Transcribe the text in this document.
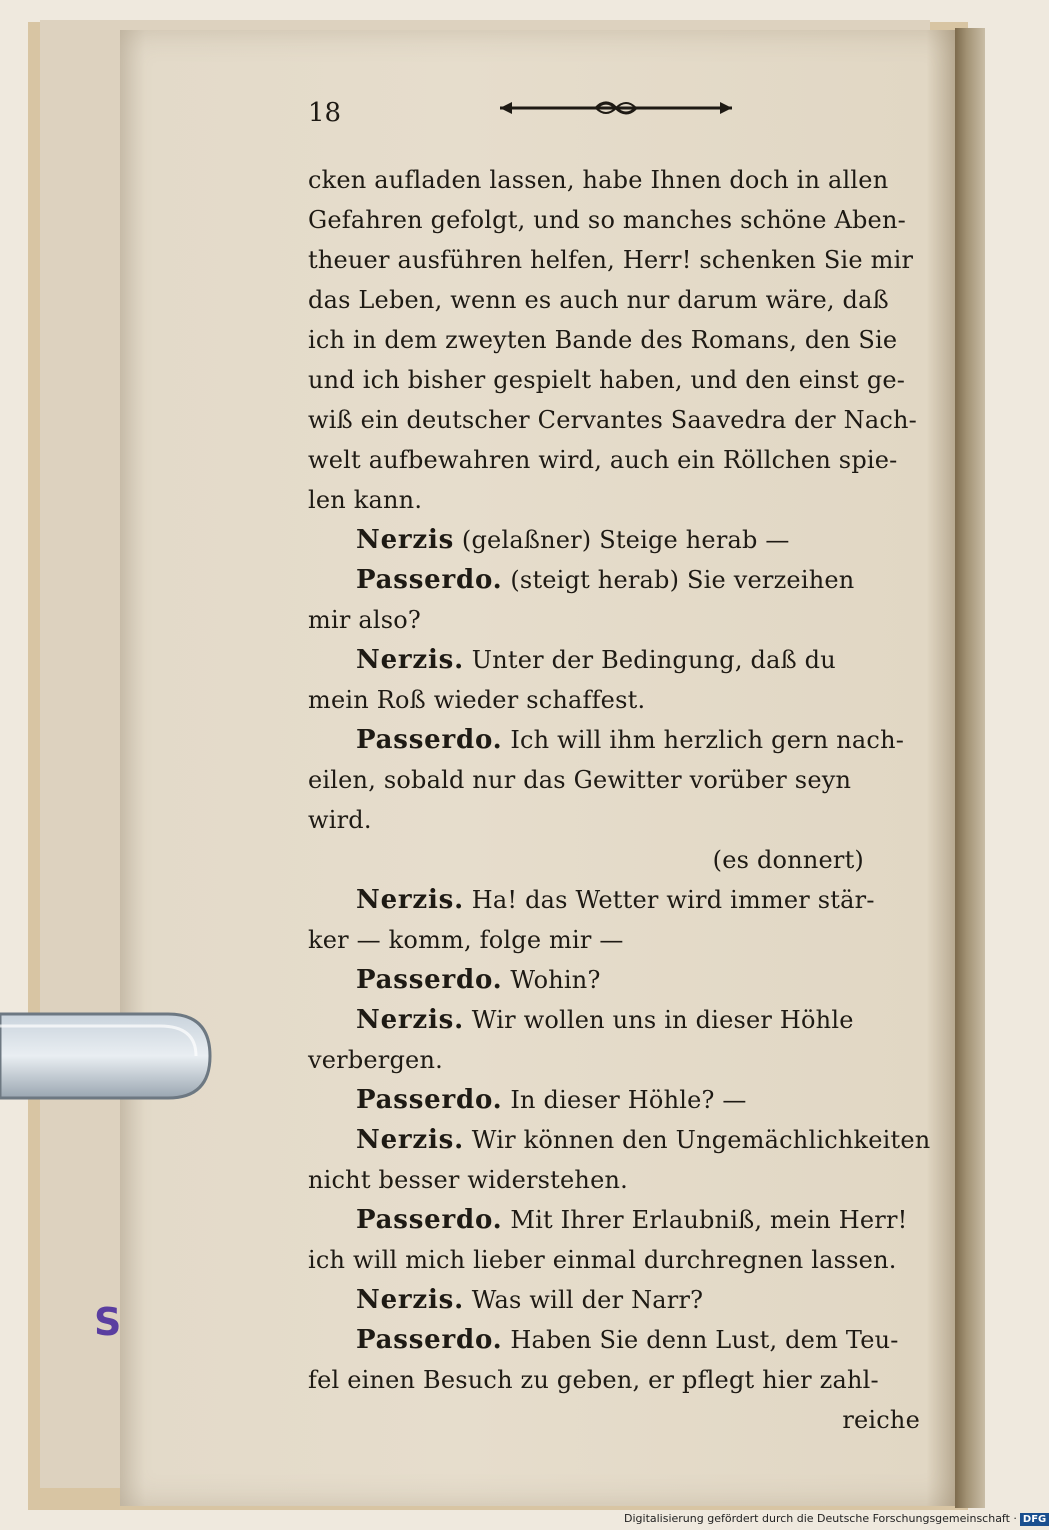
18
cken aufladen lassen, habe Ihnen doch in allen
Gefahren gefolgt, und so manches schöne Aben-
theuer ausführen helfen, Herr! schenken Sie mir
das Leben, wenn es auch nur darum wäre, daß
ich in dem zweyten Bande des Romans, den Sie
und ich bisher gespielt haben, und den einst ge-
wiß ein deutscher Cervantes Saavedra der Nach-
welt aufbewahren wird, auch ein Röllchen spie-
len kann.
Nerzis (gelaßner) Steige herab —
Passerdo. (steigt herab) Sie verzeihen
mir also?
Nerzis. Unter der Bedingung, daß du
mein Roß wieder schaffest.
Passerdo. Ich will ihm herzlich gern nach-
eilen, sobald nur das Gewitter vorüber seyn
wird.
(es donnert)
Nerzis. Ha! das Wetter wird immer stär-
ker — komm, folge mir —
Passerdo. Wohin?
Nerzis. Wir wollen uns in dieser Höhle
verbergen.
Passerdo. In dieser Höhle? —
Nerzis. Wir können den Ungemächlichkeiten
nicht besser widerstehen.
Passerdo. Mit Ihrer Erlaubniß, mein Herr!
ich will mich lieber einmal durchregnen lassen.
Nerzis. Was will der Narr?
Passerdo. Haben Sie denn Lust, dem Teu-
fel einen Besuch zu geben, er pflegt hier zahl-
reiche
S
Digitalisierung gefördert durch die Deutsche Forschungsgemeinschaft · DFG
